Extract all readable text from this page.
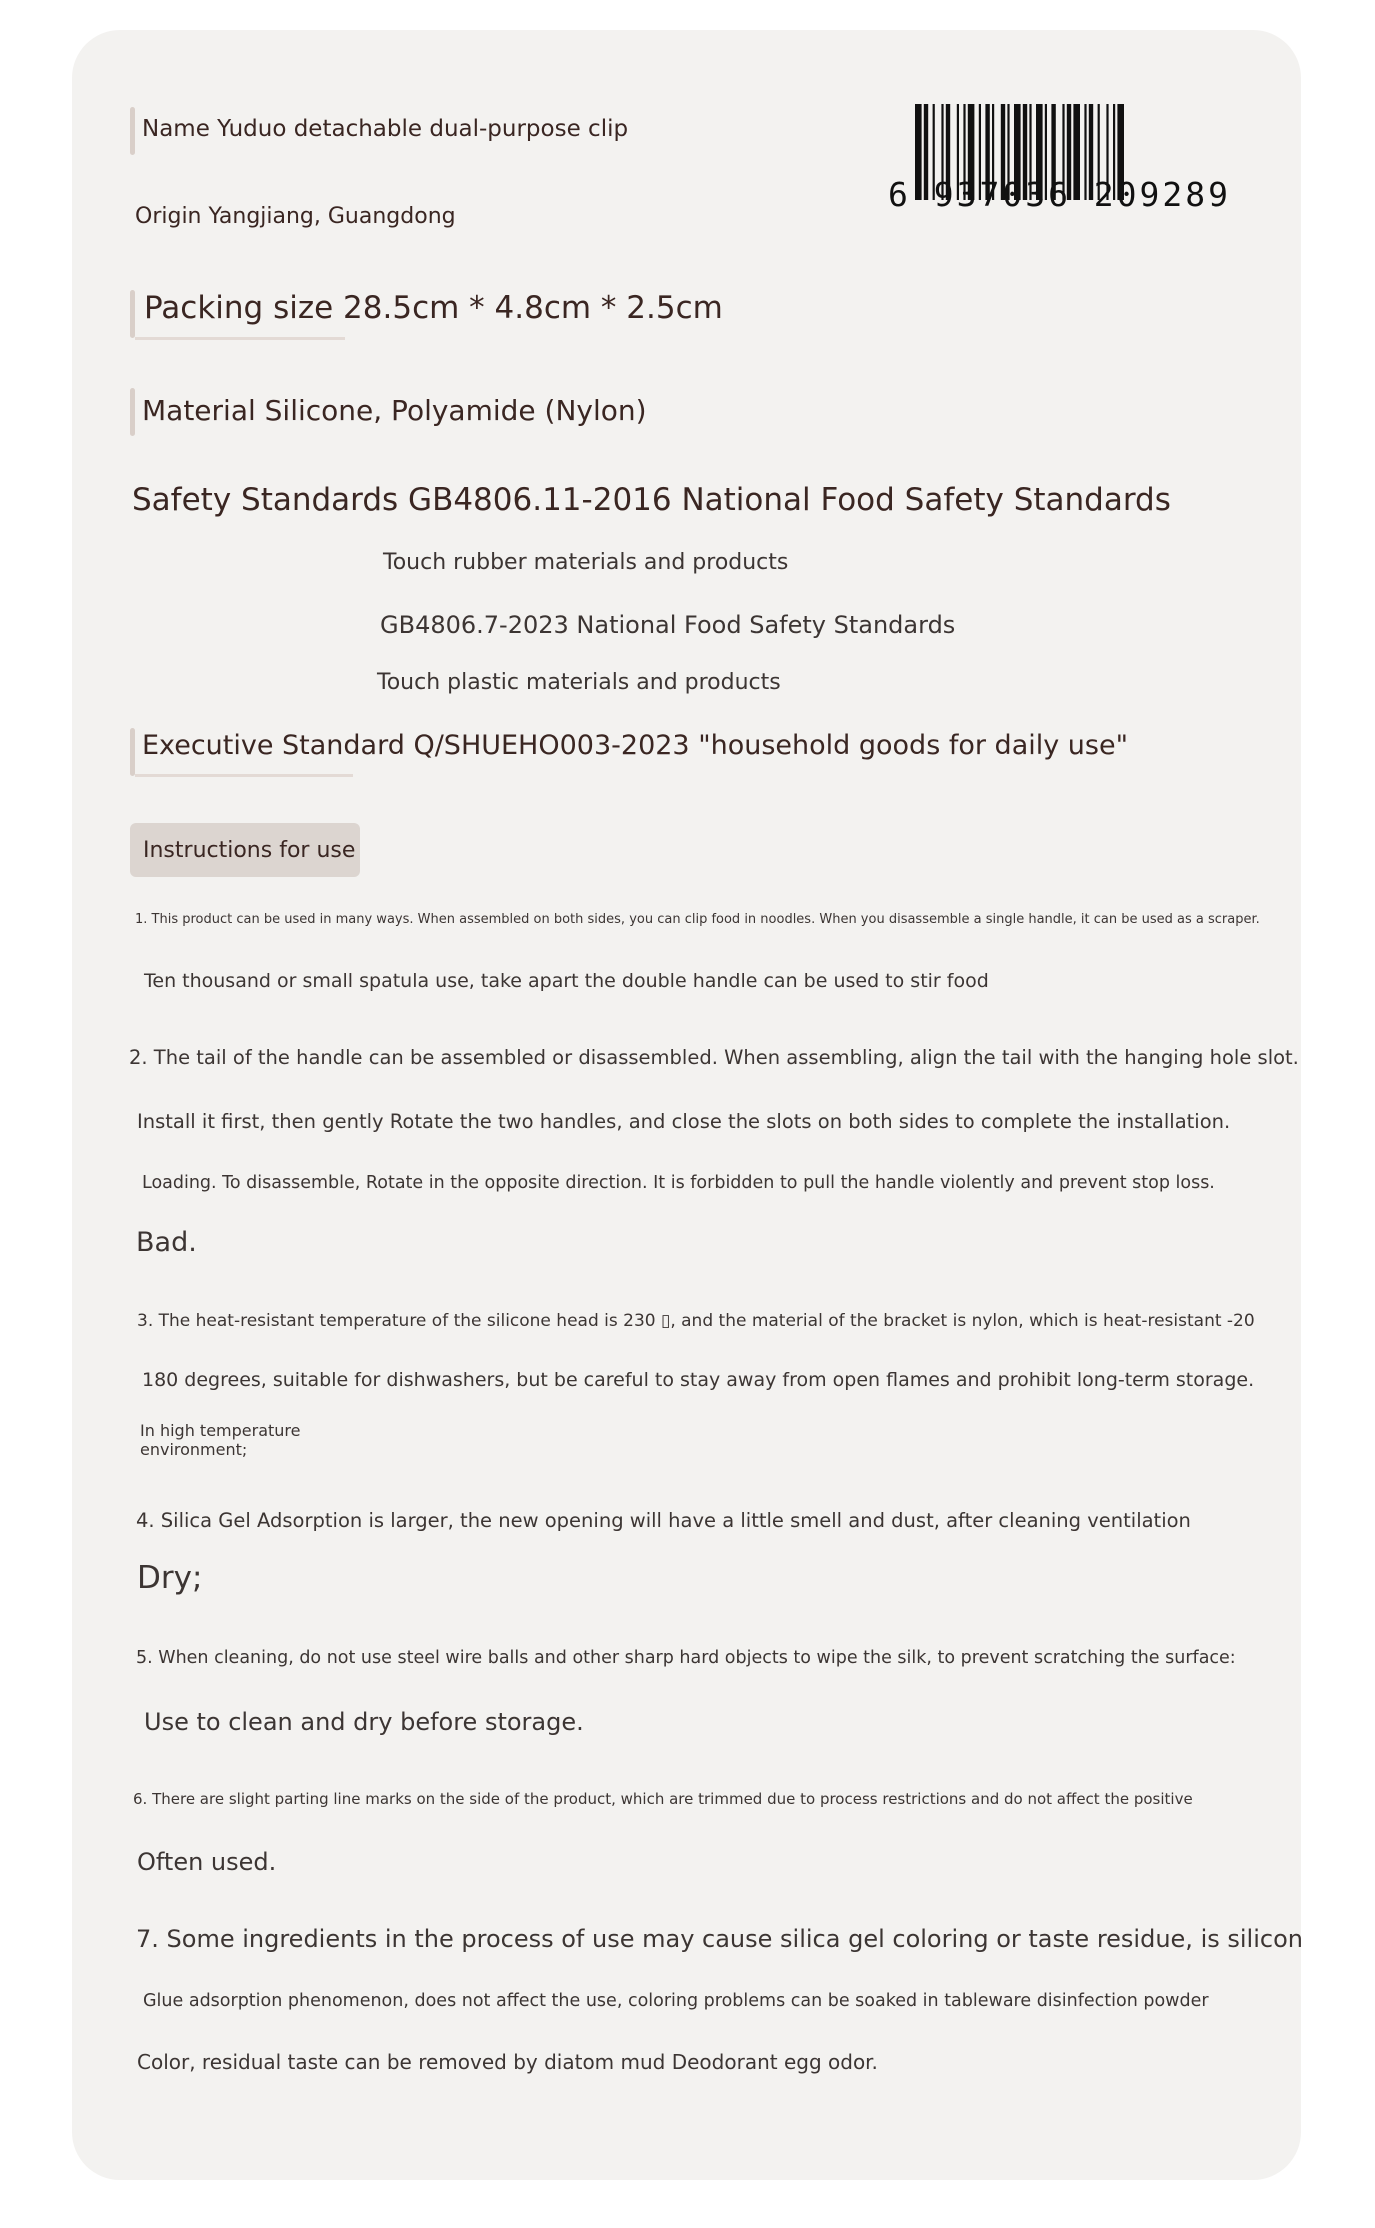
Name Yuduo detachable dual-purpose clip
Origin Yangjiang, Guangdong
6 937036 209289
Packing size 28.5cm * 4.8cm * 2.5cm
Material Silicone, Polyamide (Nylon)
Safety Standards GB4806.11-2016 National Food Safety Standards
Touch rubber materials and products
GB4806.7-2023 National Food Safety Standards
Touch plastic materials and products
Executive Standard Q/SHUEHO003-2023 "household goods for daily use"
Instructions for use
1. This product can be used in many ways. When assembled on both sides, you can clip food in noodles. When you disassemble a single handle, it can be used as a scraper.
Ten thousand or small spatula use, take apart the double handle can be used to stir food
2. The tail of the handle can be assembled or disassembled. When assembling, align the tail with the hanging hole slot.
Install it first, then gently Rotate the two handles, and close the slots on both sides to complete the installation.
Loading. To disassemble, Rotate in the opposite direction. It is forbidden to pull the handle violently and prevent stop loss.
Bad.
3. The heat-resistant temperature of the silicone head is 230 ▯, and the material of the bracket is nylon, which is heat-resistant -20
180 degrees, suitable for dishwashers, but be careful to stay away from open flames and prohibit long-term storage.
In high temperature
environment;
4. Silica Gel Adsorption is larger, the new opening will have a little smell and dust, after cleaning ventilation
Dry;
5. When cleaning, do not use steel wire balls and other sharp hard objects to wipe the silk, to prevent scratching the surface:
Use to clean and dry before storage.
6. There are slight parting line marks on the side of the product, which are trimmed due to process restrictions and do not affect the positive
Often used.
7. Some ingredients in the process of use may cause silica gel coloring or taste residue, is silicon
Glue adsorption phenomenon, does not affect the use, coloring problems can be soaked in tableware disinfection powder
Color, residual taste can be removed by diatom mud Deodorant egg odor.
